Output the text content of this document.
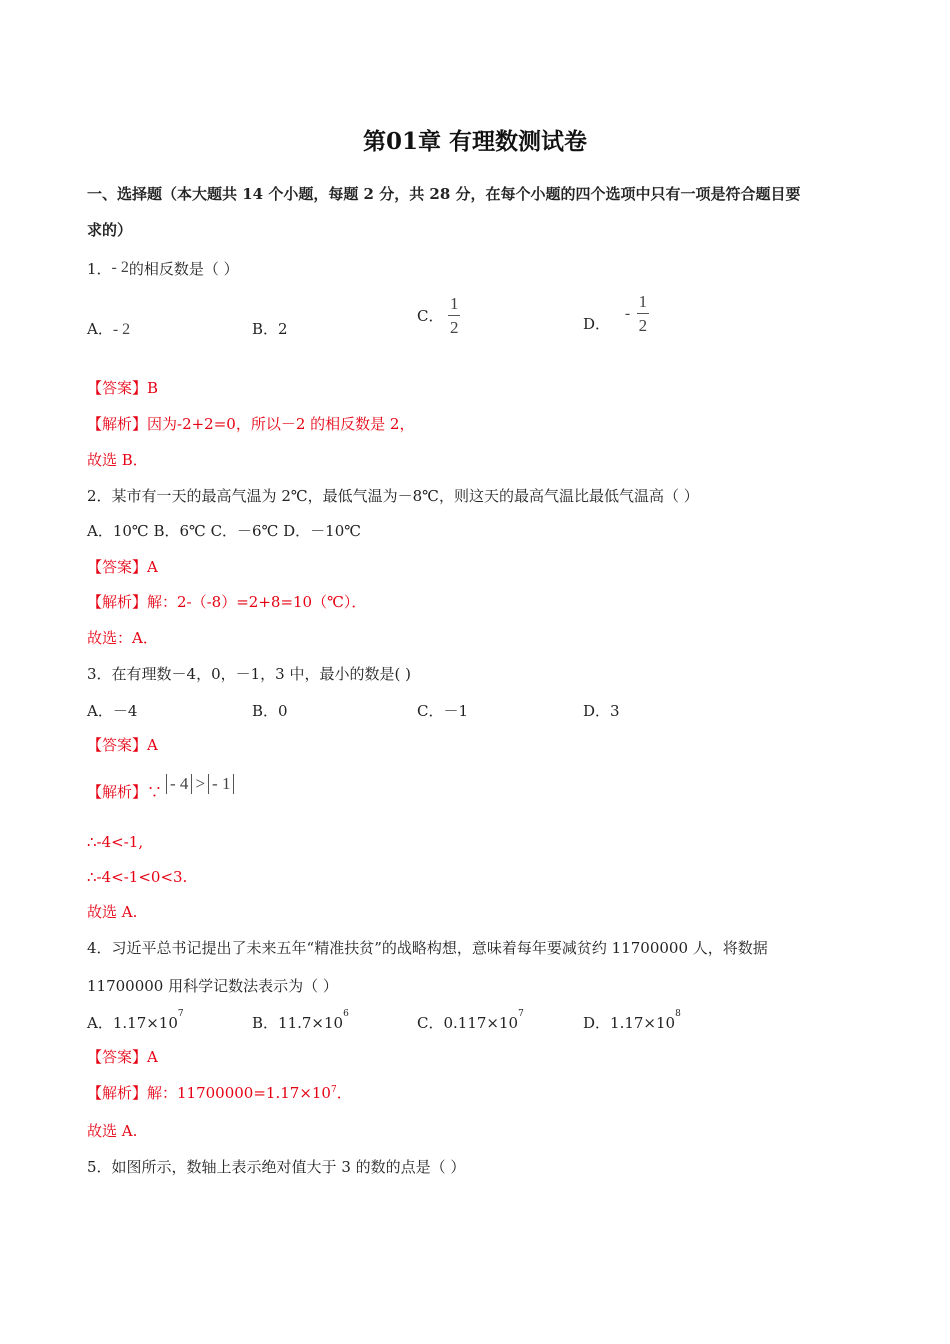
第01章 有理数测试卷
一、选择题（本大题共 14 个小题，每题 2 分，共 28 分，在每个小题的四个选项中只有一项是符合题目要
求的）
1．- 2的相反数是（ ）
A．- 2	B．2
C． $\frac{1}{2}$	D． - $\frac{1}{2}$
【答案】B
【解析】因为-2+2=0，所以－2 的相反数是 2，
故选 B．
2．某市有一天的最高气温为 2℃，最低气温为－8℃，则这天的最高气温比最低气温高（ ）
A．10℃ B．6℃ C．－6℃ D．－10℃
【答案】A
【解析】解：2-（-8）=2+8=10（℃）．
故选：A．
3．在有理数－4，0，－1，3 中，最小的数是( )
A．－4	B．0	C．－1	D．3
【答案】A
【解析】∵ - 4 > - 1
∴-4<-1,
∴-4<-1<0<3.
故选 A.
4．习近平总书记提出了未来五年“精准扶贫”的战略构想，意味着每年要减贫约 11700000 人，将数据
11700000 用科学记数法表示为（ ）
A．$1.17\times 10^7$	B．$11.7\times 10^6$	C．$0.117\times 10^7$	D．$1.17\times 10^8$
【答案】A
【解析】解：$11700000=1.17\times 10^7$．
故选 A.
5．如图所示，数轴上表示绝对值大于 3 的数的点是（ ）
